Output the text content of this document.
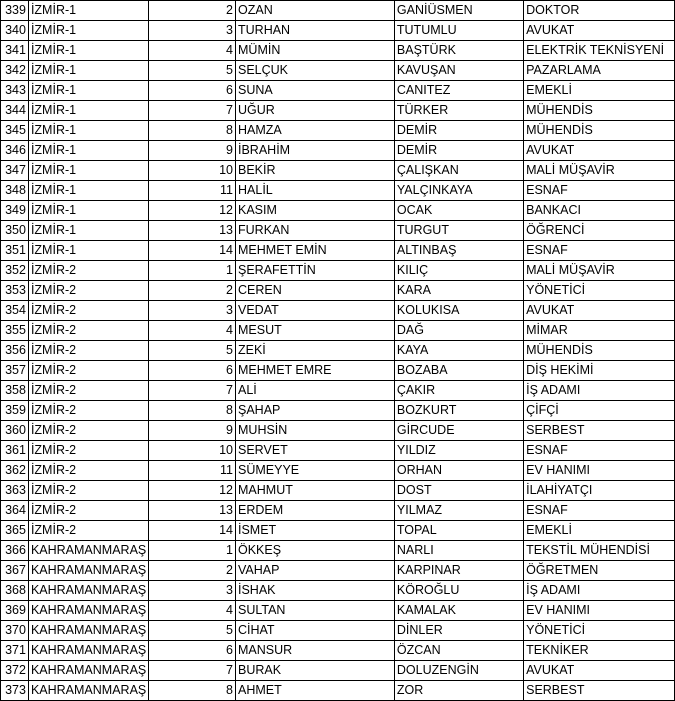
339	İZMİR-1	2	OZAN	GANİÜSMEN	DOKTOR
340	İZMİR-1	3	TURHAN	TUTUMLU	AVUKAT
341	İZMİR-1	4	MÜMİN	BAŞTÜRK	ELEKTRİK TEKNİSYENİ
342	İZMİR-1	5	SELÇUK	KAVUŞAN	PAZARLAMA
343	İZMİR-1	6	SUNA	CANITEZ	EMEKLİ
344	İZMİR-1	7	UĞUR	TÜRKER	MÜHENDİS
345	İZMİR-1	8	HAMZA	DEMİR	MÜHENDİS
346	İZMİR-1	9	İBRAHİM	DEMİR	AVUKAT
347	İZMİR-1	10	BEKİR	ÇALIŞKAN	MALİ MÜŞAVİR
348	İZMİR-1	11	HALİL	YALÇINKAYA	ESNAF
349	İZMİR-1	12	KASIM	OCAK	BANKACI
350	İZMİR-1	13	FURKAN	TURGUT	ÖĞRENCİ
351	İZMİR-1	14	MEHMET EMİN	ALTINBAŞ	ESNAF
352	İZMİR-2	1	ŞERAFETTİN	KILIÇ	MALİ MÜŞAVİR
353	İZMİR-2	2	CEREN	KARA	YÖNETİCİ
354	İZMİR-2	3	VEDAT	KOLUKISA	AVUKAT
355	İZMİR-2	4	MESUT	DAĞ	MİMAR
356	İZMİR-2	5	ZEKİ	KAYA	MÜHENDİS
357	İZMİR-2	6	MEHMET EMRE	BOZABA	DİŞ HEKİMİ
358	İZMİR-2	7	ALİ	ÇAKIR	İŞ ADAMI
359	İZMİR-2	8	ŞAHAP	BOZKURT	ÇİFÇİ
360	İZMİR-2	9	MUHSİN	GİRCUDE	SERBEST
361	İZMİR-2	10	SERVET	YILDIZ	ESNAF
362	İZMİR-2	11	SÜMEYYE	ORHAN	EV HANIMI
363	İZMİR-2	12	MAHMUT	DOST	İLAHİYATÇI
364	İZMİR-2	13	ERDEM	YILMAZ	ESNAF
365	İZMİR-2	14	İSMET	TOPAL	EMEKLİ
366	KAHRAMANMARAŞ	1	ÖKKEŞ	NARLI	TEKSTİL MÜHENDİSİ
367	KAHRAMANMARAŞ	2	VAHAP	KARPINAR	ÖĞRETMEN
368	KAHRAMANMARAŞ	3	İSHAK	KÖROĞLU	İŞ ADAMI
369	KAHRAMANMARAŞ	4	SULTAN	KAMALAK	EV HANIMI
370	KAHRAMANMARAŞ	5	CİHAT	DİNLER	YÖNETİCİ
371	KAHRAMANMARAŞ	6	MANSUR	ÖZCAN	TEKNİKER
372	KAHRAMANMARAŞ	7	BURAK	DOLUZENGİN	AVUKAT
373	KAHRAMANMARAŞ	8	AHMET	ZOR	SERBEST
